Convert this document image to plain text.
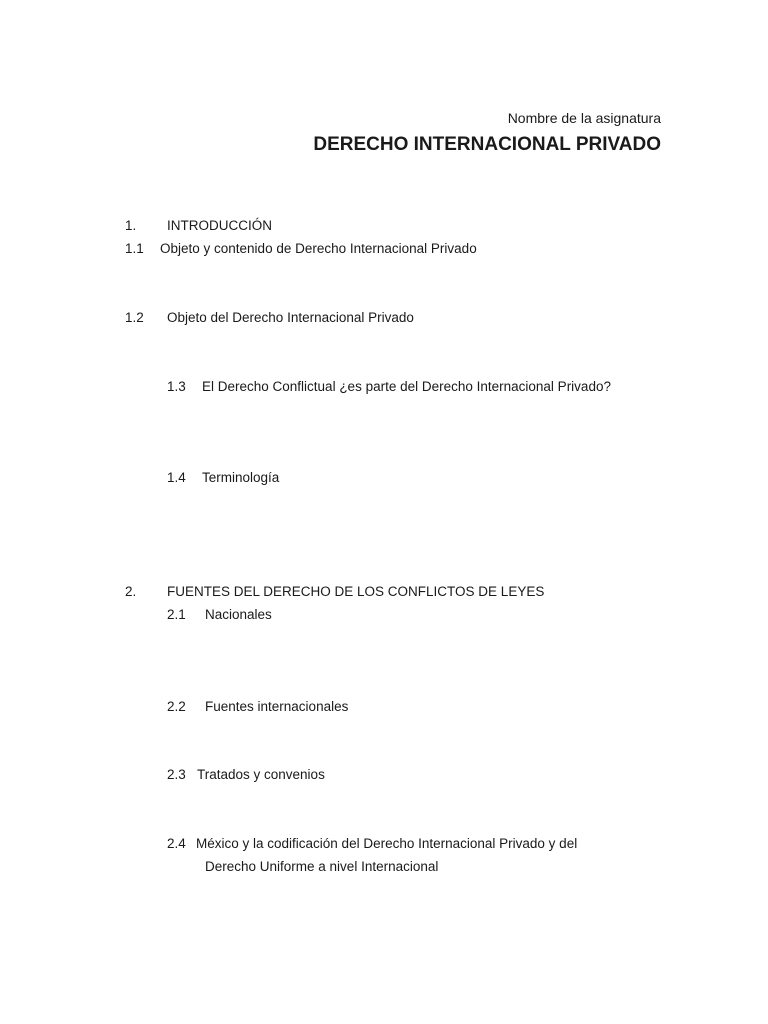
Nombre de la asignatura
DERECHO INTERNACIONAL PRIVADO
1. INTRODUCCIÓN
1.1 Objeto y contenido de Derecho Internacional Privado
1.2 Objeto del Derecho Internacional Privado
1.3 El Derecho Conflictual ¿es parte del Derecho Internacional Privado?
1.4 Terminología
2. FUENTES DEL DERECHO DE LOS CONFLICTOS DE LEYES
2.1 Nacionales
2.2 Fuentes internacionales
2.3 Tratados y convenios
2.4 México y la codificación del Derecho Internacional Privado y del
Derecho Uniforme a nivel Internacional
